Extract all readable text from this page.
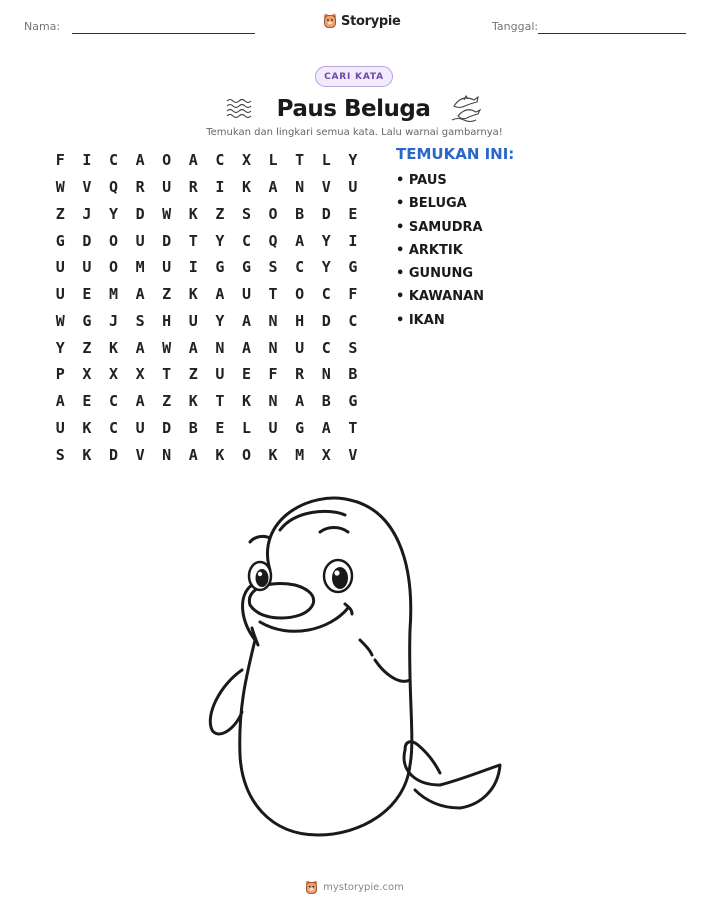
Nama:	Storypie	Tanggal:
CARI KATA
Paus Beluga
Temukan dan lingkari semua kata. Lalu warnai gambarnya!
F	I	C	A	O	A	C	X	L	T	L	Y
W	V	Q	R	U	R	I	K	A	N	V	U
Z	J	Y	D	W	K	Z	S	O	B	D	E
G	D	O	U	D	T	Y	C	Q	A	Y	I
U	U	O	M	U	I	G	G	S	C	Y	G
U	E	M	A	Z	K	A	U	T	O	C	F
W	G	J	S	H	U	Y	A	N	H	D	C
Y	Z	K	A	W	A	N	A	N	U	C	S
P	X	X	X	T	Z	U	E	F	R	N	B
A	E	C	A	Z	K	T	K	N	A	B	G
U	K	C	U	D	B	E	L	U	G	A	T
S	K	D	V	N	A	K	O	K	M	X	V
TEMUKAN INI:
• PAUS
• BELUGA
• SAMUDRA
• ARKTIK
• GUNUNG
• KAWANAN
• IKAN
mystorypie.com
